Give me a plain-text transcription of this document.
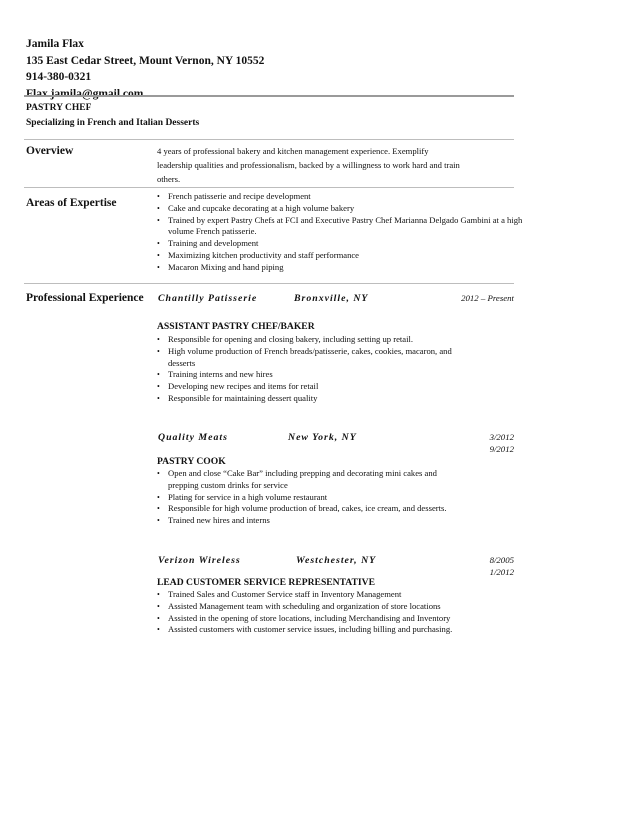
Jamila Flax
135 East Cedar Street, Mount Vernon, NY 10552
914-380-0321
Flax.jamila@gmail.com
PASTRY CHEF
Specializing in French and Italian Desserts
Overview	4 years of professional bakery and kitchen management experience. Exemplify
leadership qualities and professionalism, backed by a willingness to work hard and train
others.
Areas of Expertise
• French patisserie and recipe development
• Cake and cupcake decorating at a high volume bakery
• Trained by expert Pastry Chefs at FCI and Executive Pastry Chef Marianna Delgado Gambini at a high volume French patisserie.
• Training and development
• Maximizing kitchen productivity and staff performance
• Macaron Mixing and hand piping
Professional Experience Chantilly Patisserie	Bronxville, NY	2012 – Present
ASSISTANT PASTRY CHEF/BAKER
• Responsible for opening and closing bakery, including setting up retail.
• High volume production of French breads/patisserie, cakes, cookies, macaron, and desserts
• Training interns and new hires
• Developing new recipes and items for retail
• Responsible for maintaining dessert quality
Quality Meats	New York, NY	3/2012
9/2012
PASTRY COOK
• Open and close “Cake Bar” including prepping and decorating mini cakes and prepping custom drinks for service
• Plating for service in a high volume restaurant
• Responsible for high volume production of bread, cakes, ice cream, and desserts.
• Trained new hires and interns
Verizon Wireless	Westchester, NY	8/2005
1/2012
LEAD CUSTOMER SERVICE REPRESENTATIVE
• Trained Sales and Customer Service staff in Inventory Management
• Assisted Management team with scheduling and organization of store locations
• Assisted in the opening of store locations, including Merchandising and Inventory
• Assisted customers with customer service issues, including billing and purchasing.
